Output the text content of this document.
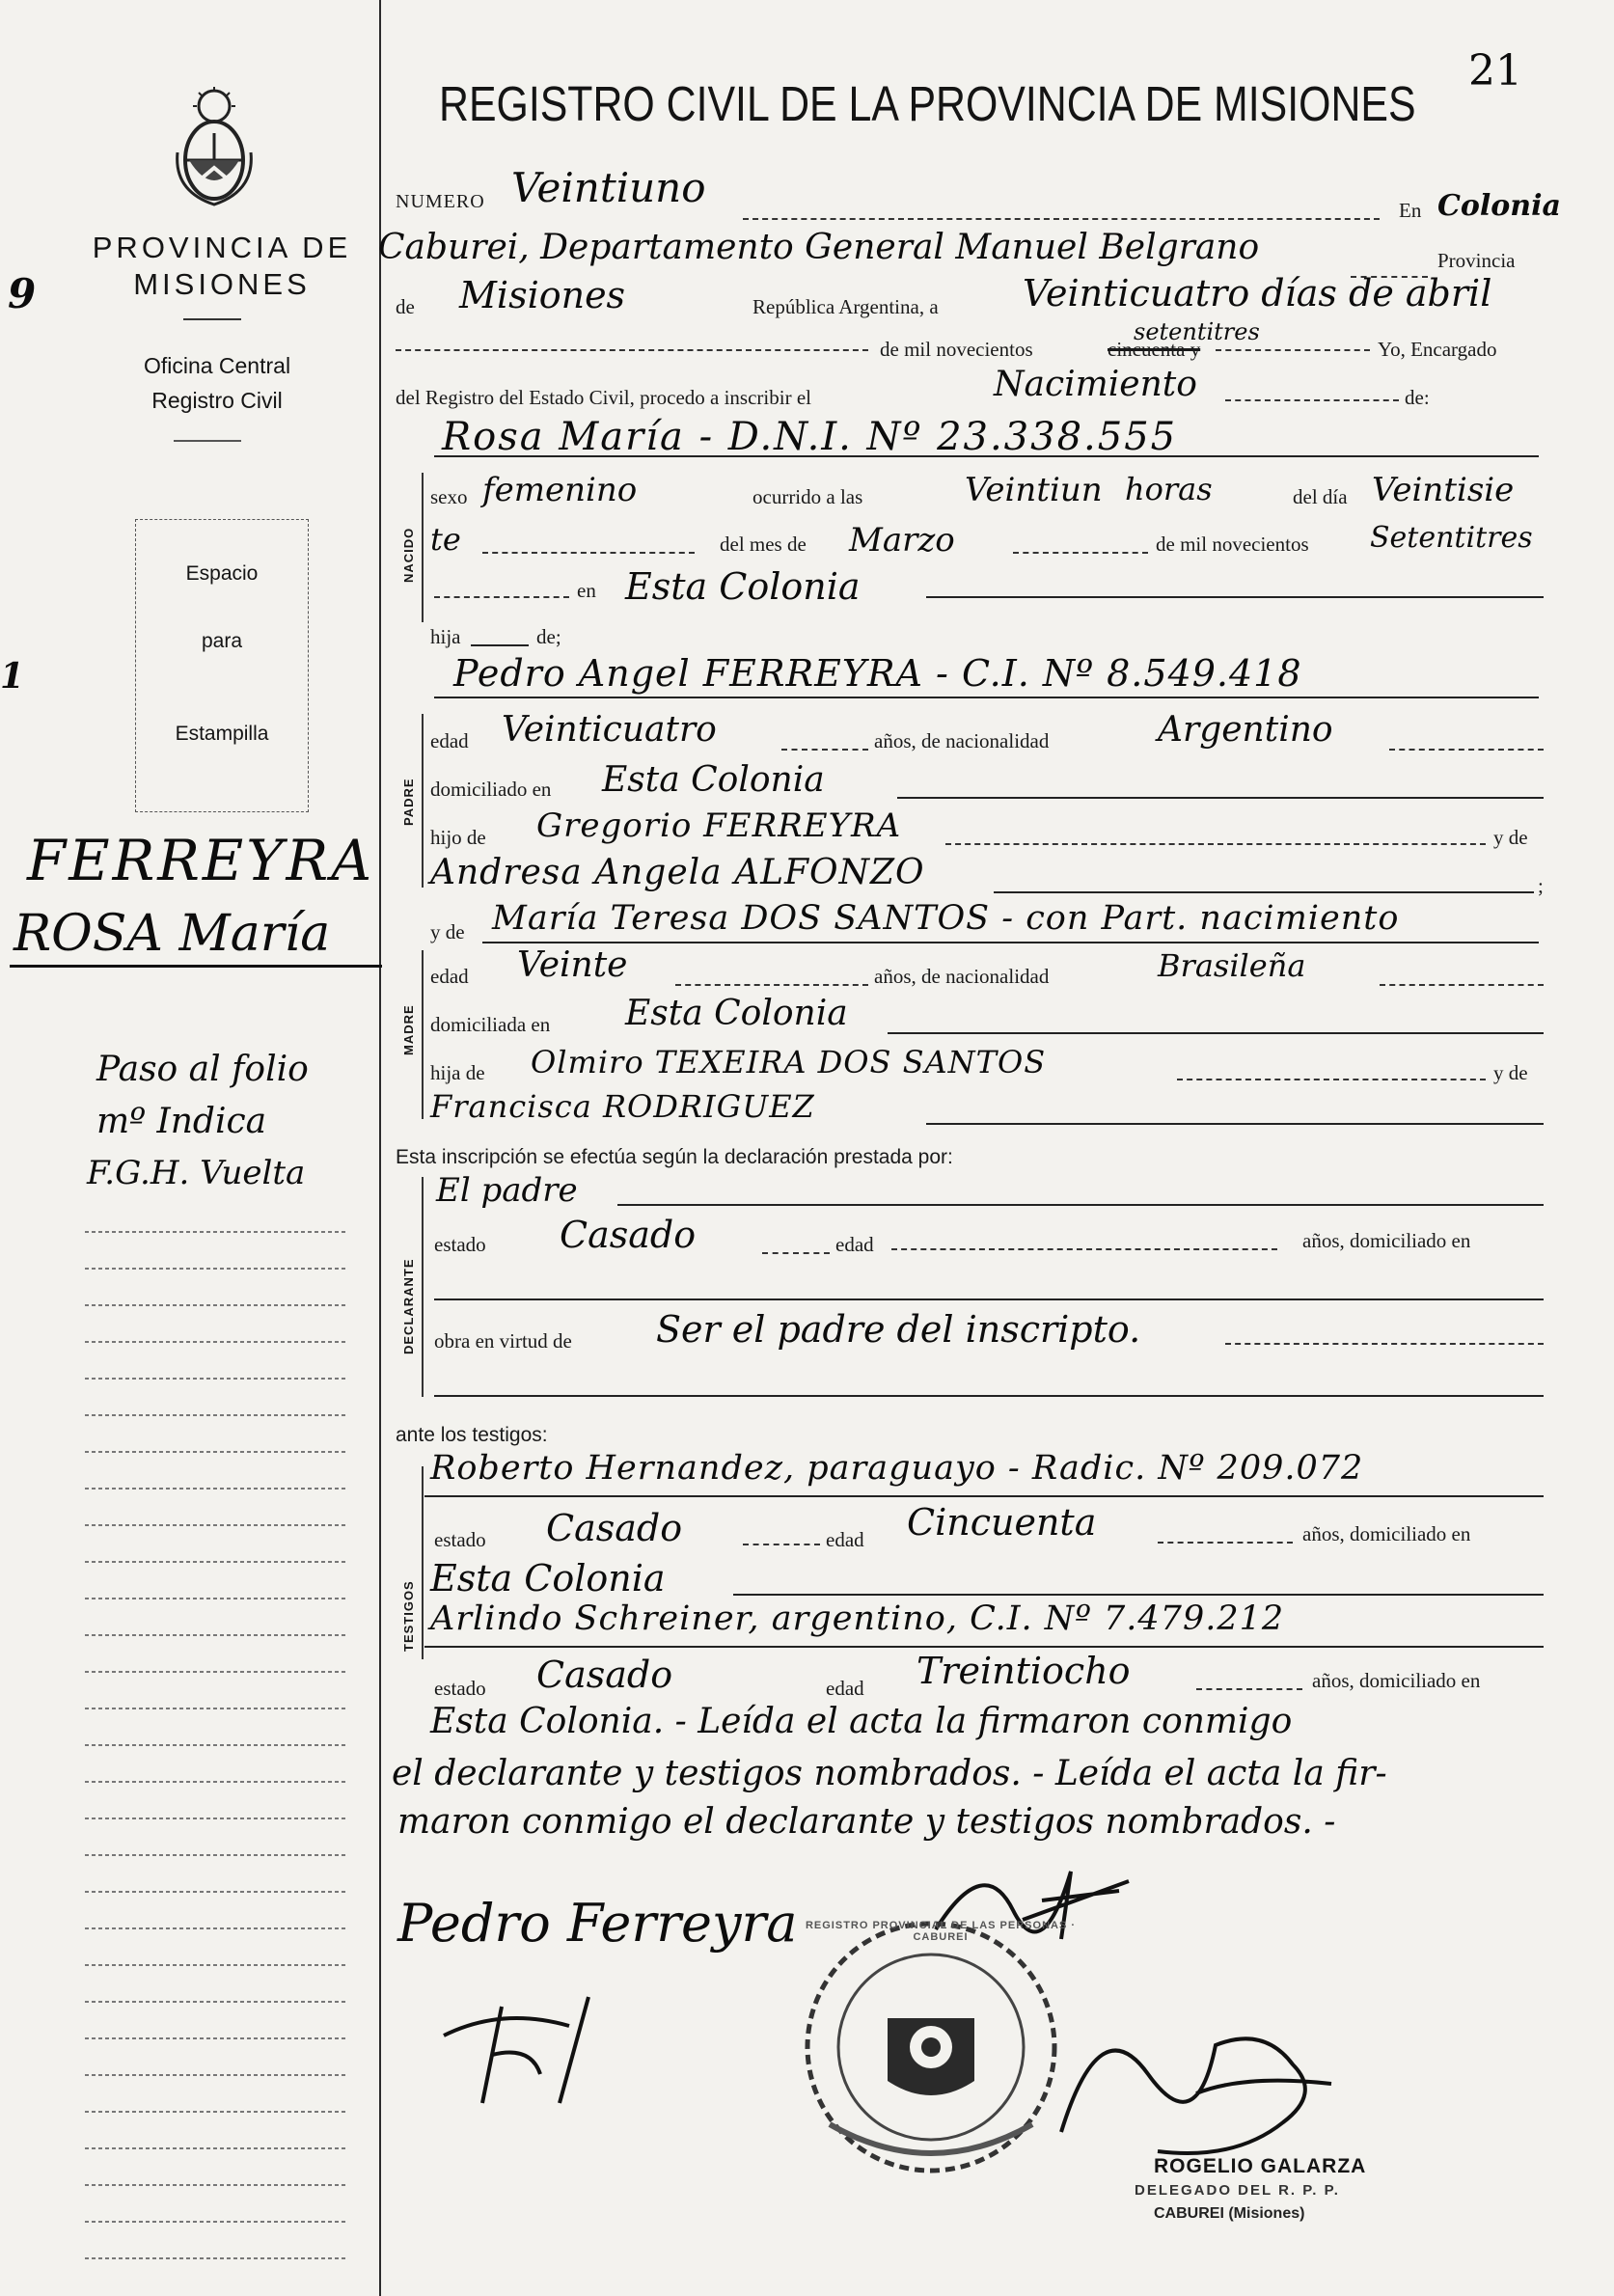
21
9
1
PROVINCIA DE
MISIONES
Oficina Central
Registro Civil
Espacio
para
Estampilla
FERREYRA
ROSA María
Paso al folio
mº Indica
F.G.H. Vuelta
REGISTRO CIVIL DE LA PROVINCIA DE MISIONES
NUMERO Veintiuno	En Colonia
Caburei, Departamento General Manuel Belgrano	Provincia
de Misiones	República Argentina, a Veinticuatro días de abril
setentitres
de mil novecientos	cincuenta y	Yo, Encargado
del Registro del Estado Civil, procedo a inscribir el	Nacimiento	de:
NACIDO
Rosa María - D.N.I. Nº 23.338.555
sexo femenino	ocurrido a las	Veintiun horas	del día Veintisie
te	del mes de Marzo	de mil novecientos Setentitres
en Esta Colonia
hija	de;
PADRE
Pedro Angel FERREYRA - C.I. Nº 8.549.418
edad Veinticuatro	años, de nacionalidad	Argentino
domiciliado en Esta Colonia
hijo de Gregorio FERREYRA	y de
Andresa Angela ALFONZO	;
MADRE
y de María Teresa DOS SANTOS - con Part. nacimiento
edad Veinte	años, de nacionalidad	Brasileña
domiciliada en Esta Colonia
hija de Olmiro TEXEIRA DOS SANTOS	y de
Francisca RODRIGUEZ
Esta inscripción se efectúa según la declaración prestada por:
DECLARANTE
El padre
estado Casado	edad	años, domiciliado en
obra en virtud de Ser el padre del inscripto.
ante los testigos:
TESTIGOS
Roberto Hernandez, paraguayo - Radic. Nº 209.072
estado Casado	edad Cincuenta	años, domiciliado en
Esta Colonia
Arlindo Schreiner, argentino, C.I. Nº 7.479.212
estado Casado	edad Treintiocho	años, domiciliado en
Esta Colonia. - Leída el acta la firmaron conmigo
el declarante y testigos nombrados. - Leída el acta la fir-
maron conmigo el declarante y testigos nombrados. -
Pedro Ferreyra REGISTRO PROVINCIAL DE LAS PERSONAS · CABUREI
ROGELIO GALARZA
DELEGADO DEL R. P. P.
CABUREI (Misiones)
